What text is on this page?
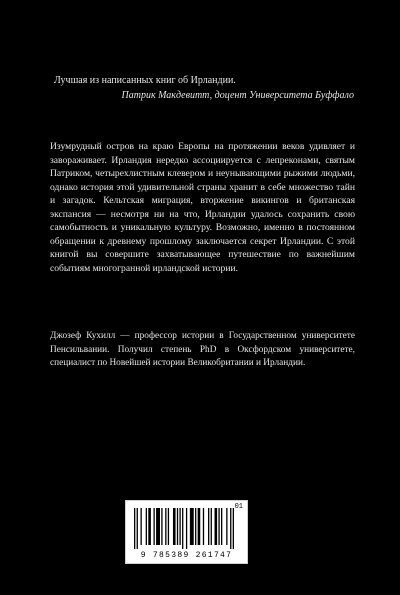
Лучшая из написанных книг об Ирландии.

Патрик Макдевитт, доцент Университета Буффало

Изумрудный остров на краю Европы на протяжении веков удивляет и завораживает. Ирландия нередко ассоциируется с лепреконами, святым Патриком, четырехлистным клевером и неунывающими рыжими людьми, однако история этой удивительной страны хранит в себе множество тайн и загадок. Кельтская миграция, вторжение викингов и британская экспансия — несмотря ни на что, Ирландии удалось сохранить свою самобытность и уникальную культуру. Возможно, именно в постоянном обращении к древнему прошлому заключается секрет Ирландии. С этой книгой вы совершите захватывающее путешествие по важнейшим событиям многогранной ирландской истории.

Джозеф Кухилл — профессор истории в Государственном университете Пенсильвании. Получил степень PhD в Оксфордском университете, специалист по Новейшей истории Великобритании и Ирландии.

01
9 785389 261747
